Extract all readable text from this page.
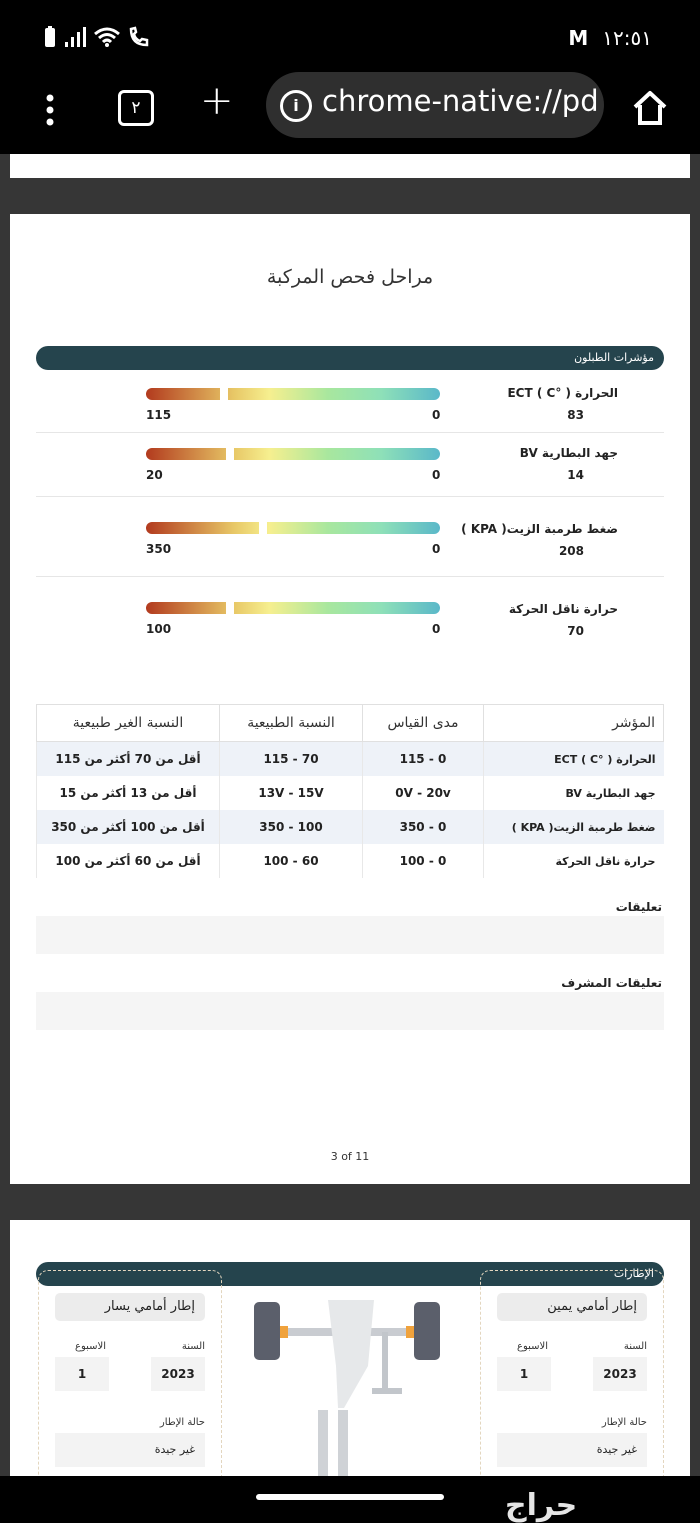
M ١٢:٥١
٢	+	i chrome-native://pd
مراحل فحص المركبة
مؤشرات الطبلون
الحرارة ( °C ) ECT
83
115	0
جهد البطارية BV
14
20	0
ضغط طرمبة الزيت( KPA )
208
350	0
حرارة ناقل الحركة
70
100	0
المؤشر	مدى القياس	النسبة الطبيعية	النسبة الغير طبيعية
الحرارة ( °C ) ECT	0 - 115	70 - 115	أقل من 70 أكثر من 115
جهد البطارية BV	0V - 20v	13V - 15V	أقل من 13 أكثر من 15
ضغط طرمبة الزيت( KPA )	0 - 350	100 - 350	أقل من 100 أكثر من 350
حرارة ناقل الحركة	0 - 100	60 - 100	أقل من 60 أكثر من 100
تعليقات
تعليقات المشرف
3 of 11
الإطارات
إطار أمامي يسار
السنة
الاسبوع
2023
1
حالة الإطار
غير جيدة
إطار أمامي يمين
السنة
الاسبوع
2023
1
حالة الإطار
غير جيدة
حراج
